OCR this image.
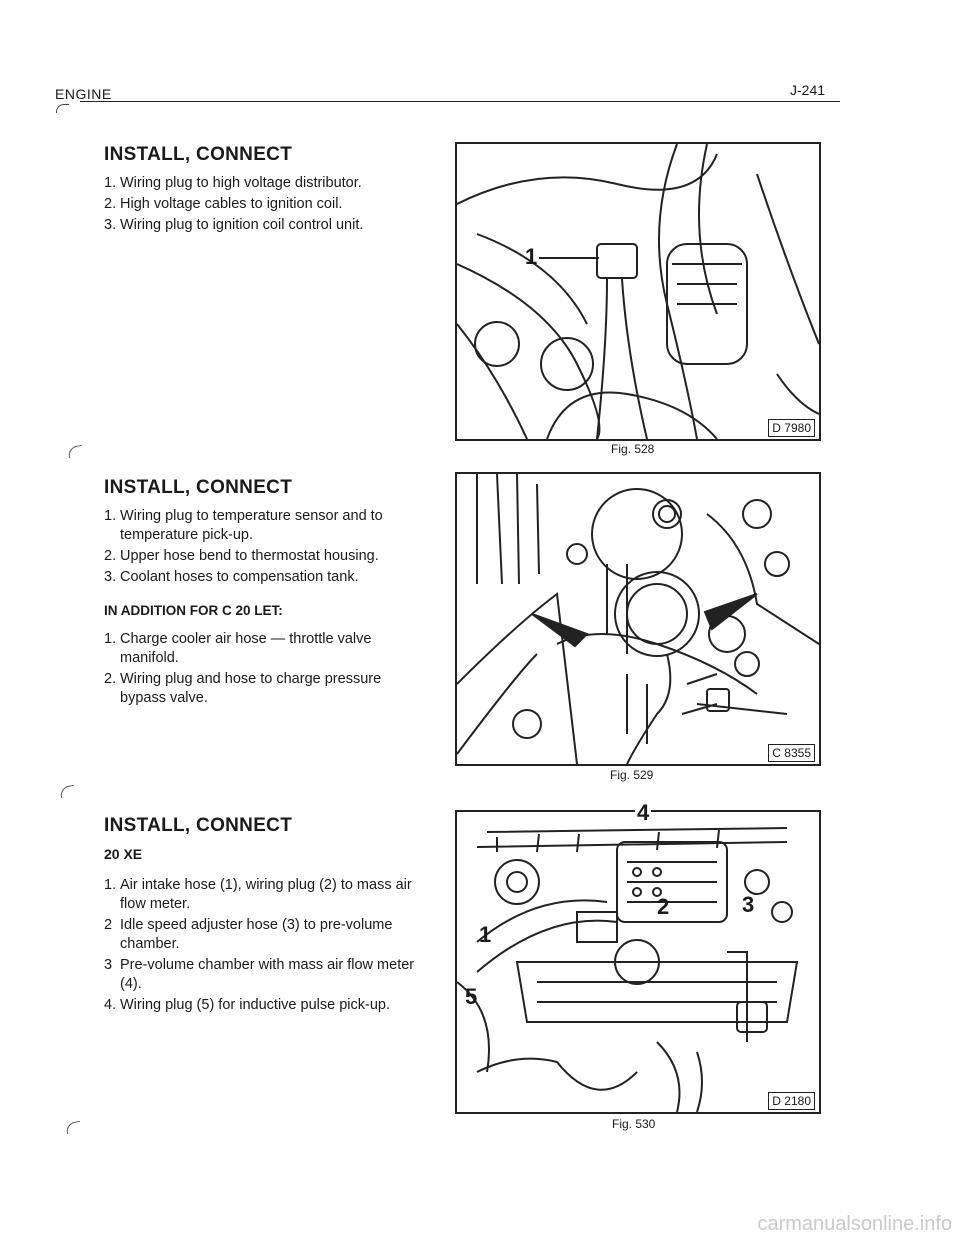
ENGINE	J-241
INSTALL, CONNECT
1. Wiring plug to high voltage distributor.
2. High voltage cables to ignition coil.
3. Wiring plug to ignition coil control unit.
INSTALL, CONNECT
1. Wiring plug to temperature sensor and to temperature pick-up.
2. Upper hose bend to thermostat housing.
3. Coolant hoses to compensation tank.
IN ADDITION FOR C 20 LET:
1. Charge cooler air hose — throttle valve manifold.
2. Wiring plug and hose to charge pressure bypass valve.
INSTALL, CONNECT
20 XE
1. Air intake hose (1), wiring plug (2) to mass air flow meter.
2 Idle speed adjuster hose (3) to pre-volume chamber.
3 Pre-volume chamber with mass air flow meter (4).
4. Wiring plug (5) for inductive pulse pick-up.
1
D 7980
Fig. 528
C 8355
Fig. 529
4
1
2	3
5
D 2180
Fig. 530
carmanualsonline.info
